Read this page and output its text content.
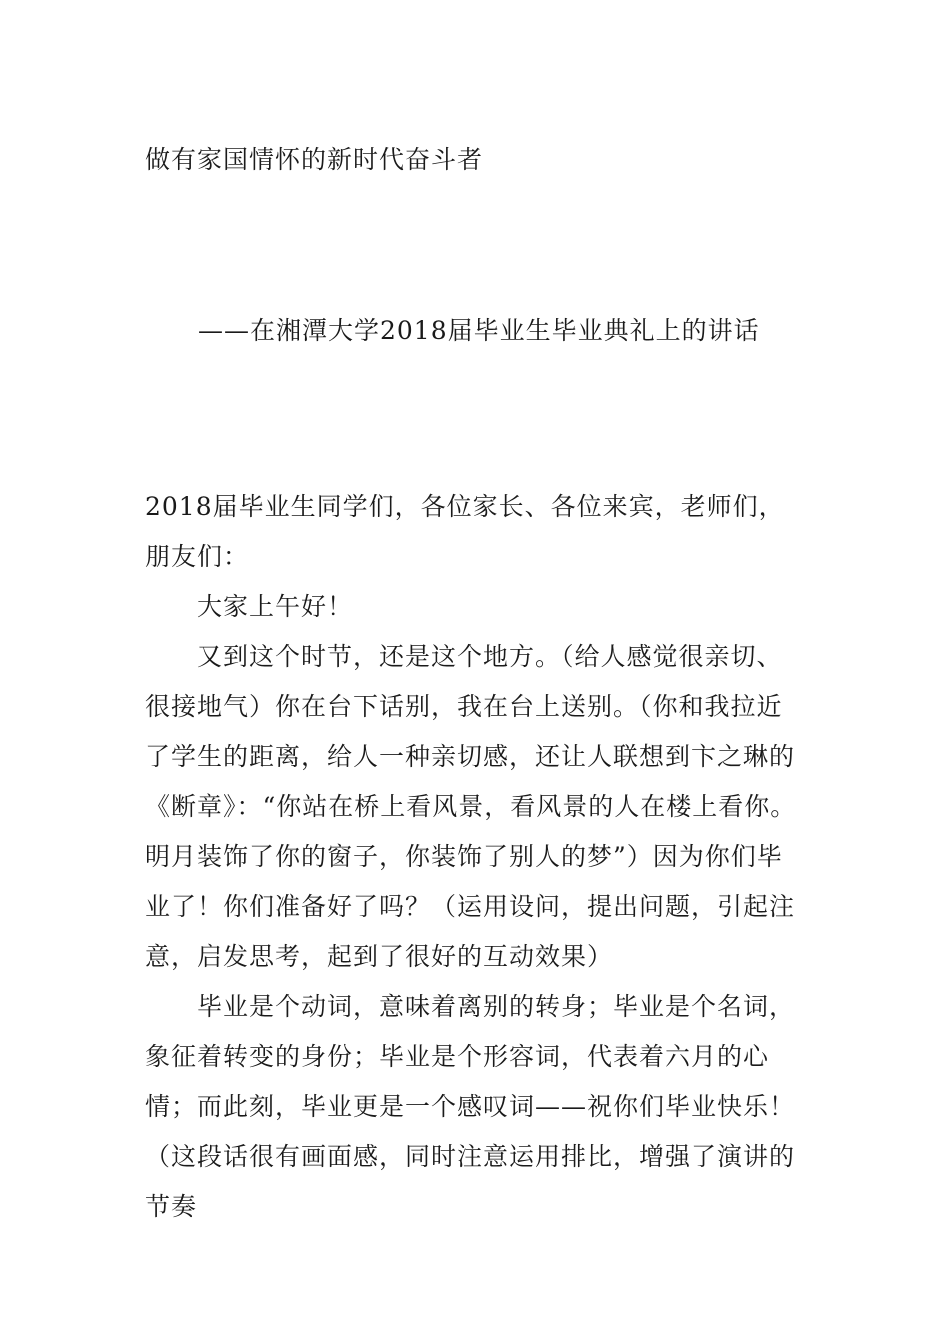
做有家国情怀的新时代奋斗者
——在湘潭大学2018届毕业生毕业典礼上的讲话

2018届毕业生同学们，各位家长、各位来宾，老师们，朋友们：

大家上午好！

又到这个时节，还是这个地方。（给人感觉很亲切、很接地气）你在台下话别，我在台上送别。（你和我拉近了学生的距离，给人一种亲切感，还让人联想到卞之琳的《断章》：“你站在桥上看风景，看风景的人在楼上看你。明月装饰了你的窗子，你装饰了别人的梦”）因为你们毕业了！你们准备好了吗？（运用设问，提出问题，引起注意，启发思考，起到了很好的互动效果）

毕业是个动词，意味着离别的转身；毕业是个名词，象征着转变的身份；毕业是个形容词，代表着六月的心情；而此刻，毕业更是一个感叹词——祝你们毕业快乐！（这段话很有画面感，同时注意运用排比，增强了演讲的节奏
